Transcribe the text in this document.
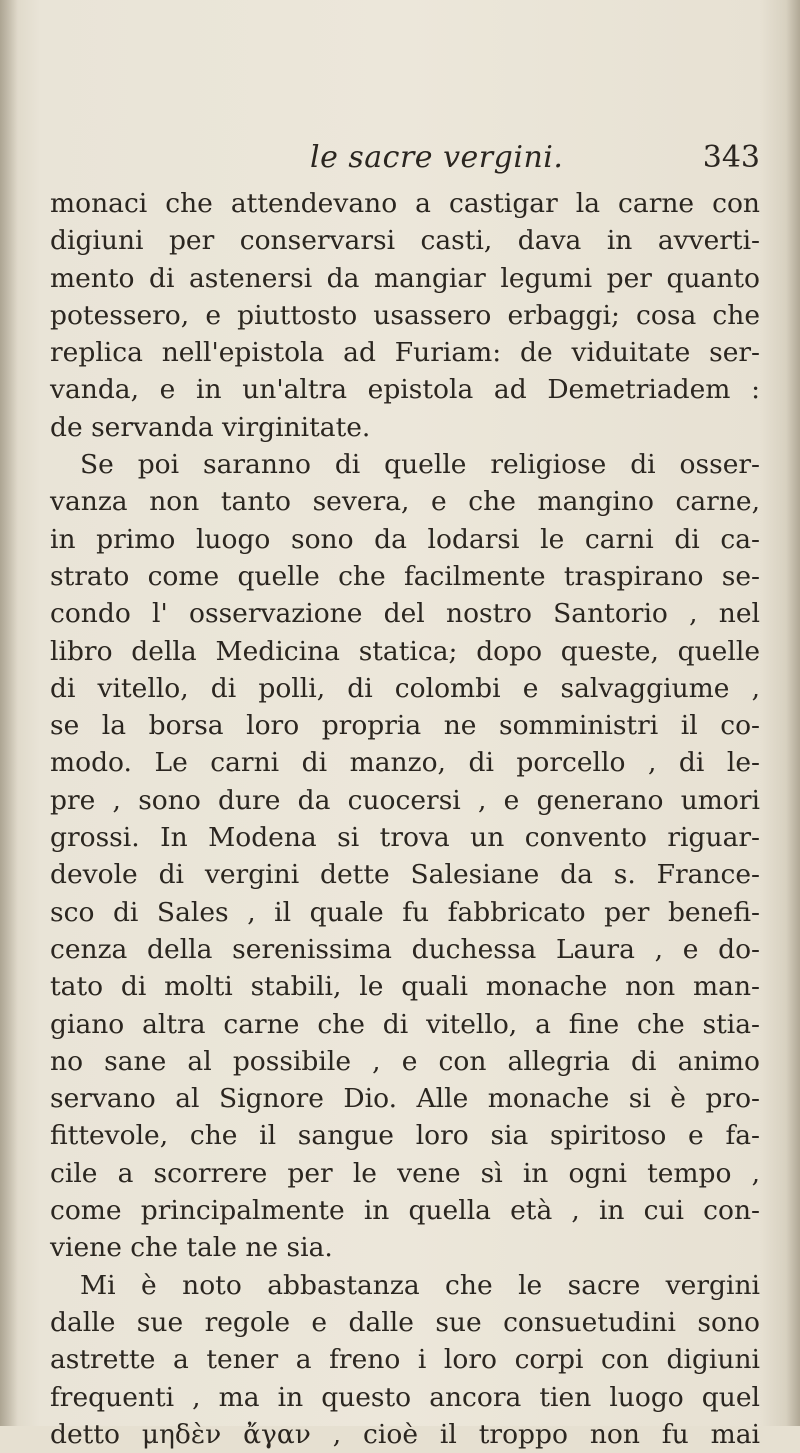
le sacre vergini.	343
monaci che attendevano a castigar la carne con
digiuni per conservarsi casti, dava in avverti-
mento di astenersi da mangiar legumi per quanto
potessero, e piuttosto usassero erbaggi; cosa che
replica nell'epistola ad Furiam: de viduitate ser-
vanda, e in un'altra epistola ad Demetriadem :
de servanda virginitate.
Se poi saranno di quelle religiose di osser-
vanza non tanto severa, e che mangino carne,
in primo luogo sono da lodarsi le carni di ca-
strato come quelle che facilmente traspirano se-
condo l' osservazione del nostro Santorio , nel
libro della Medicina statica; dopo queste, quelle
di vitello, di polli, di colombi e salvaggiume ,
se la borsa loro propria ne somministri il co-
modo. Le carni di manzo, di porcello , di le-
pre , sono dure da cuocersi , e generano umori
grossi. In Modena si trova un convento riguar-
devole di vergini dette Salesiane da s. France-
sco di Sales , il quale fu fabbricato per benefi-
cenza della serenissima duchessa Laura , e do-
tato di molti stabili, le quali monache non man-
giano altra carne che di vitello, a fine che stia-
no sane al possibile , e con allegria di animo
servano al Signore Dio. Alle monache si è pro-
fittevole, che il sangue loro sia spiritoso e fa-
cile a scorrere per le vene sì in ogni tempo ,
come principalmente in quella età , in cui con-
viene che tale ne sia.
Mi è noto abbastanza che le sacre vergini
dalle sue regole e dalle sue consuetudini sono
astrette a tener a freno i loro corpi con digiuni
frequenti , ma in questo ancora tien luogo quel
detto μηδὲν ἄγαν , cioè il troppo non fu mai
